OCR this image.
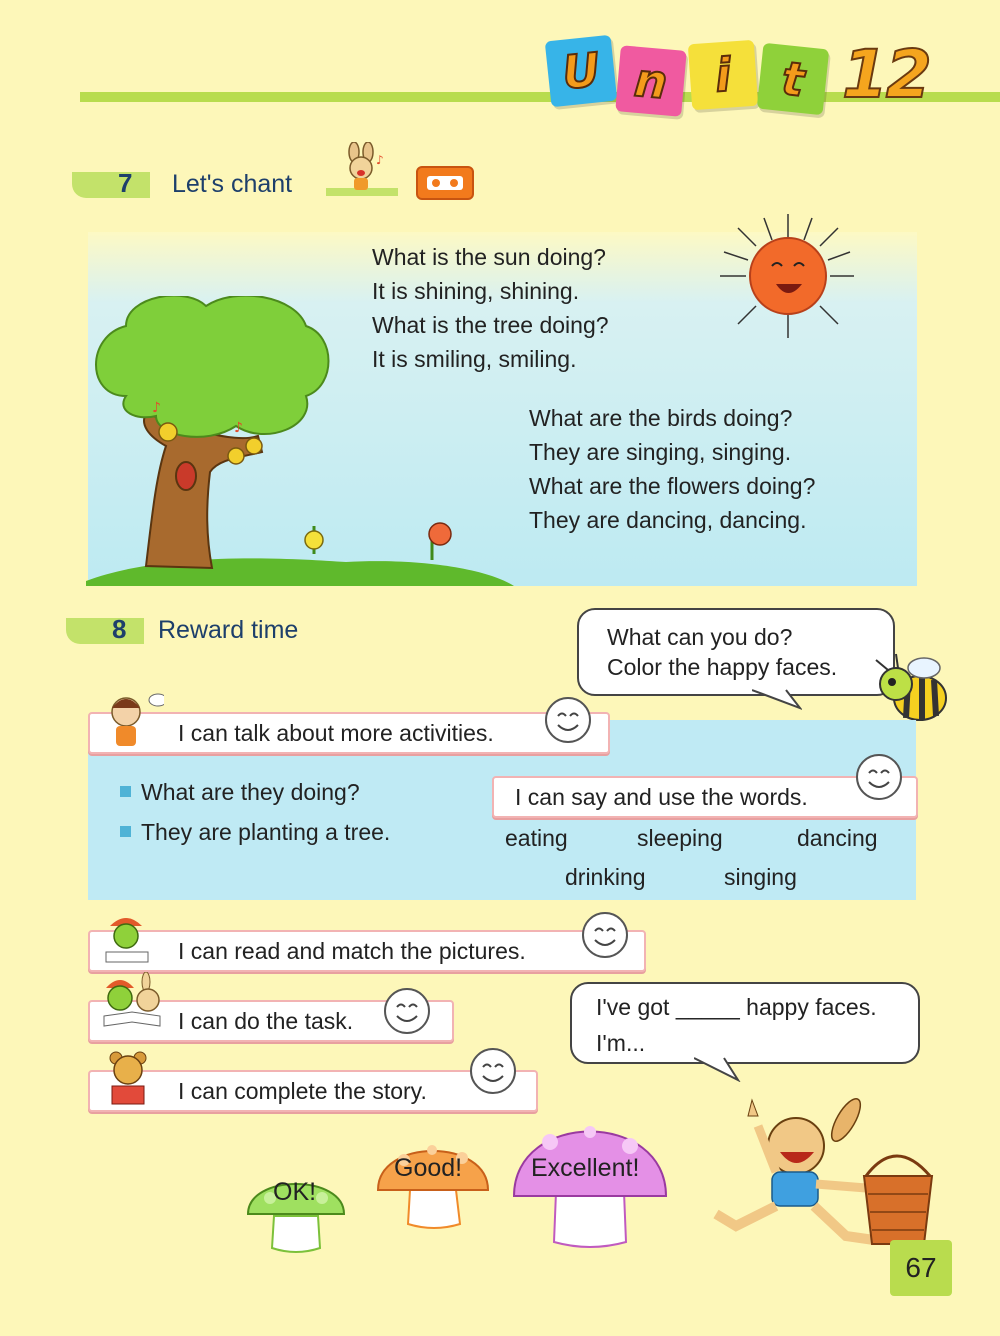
U n i	t 12
7 Let's chant
♪
♪
♪
What is the sun doing?
It is shining, shining.
What is the tree doing?
It is smiling, smiling.
What are the birds doing?
They are singing, singing.
What are the flowers doing?
They are dancing, dancing.
8 Reward time	What can you do?
Color the happy faces.
I can talk about more activities.
What are they doing?
They are planting a tree.
I can say and use the words.
eating	sleeping	dancing
drinking	singing
I can read and match the pictures.
I can do the task.
I can complete the story.
I've got _____ happy faces.
I'm...
OK!
Good!	Excellent!
67
